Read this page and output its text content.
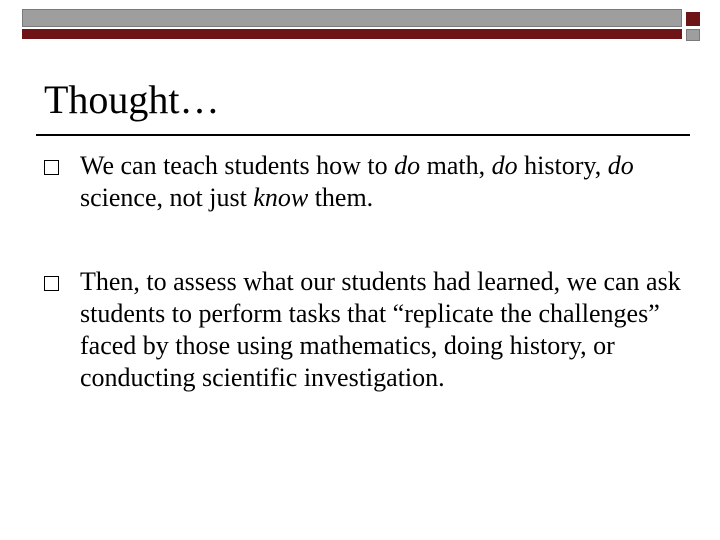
Thought…
We can teach students how to do math, do history, do science, not just know them.
Then, to assess what our students had learned, we can ask students to perform tasks that “replicate the challenges” faced by those using mathematics, doing history, or conducting scientific investigation.
